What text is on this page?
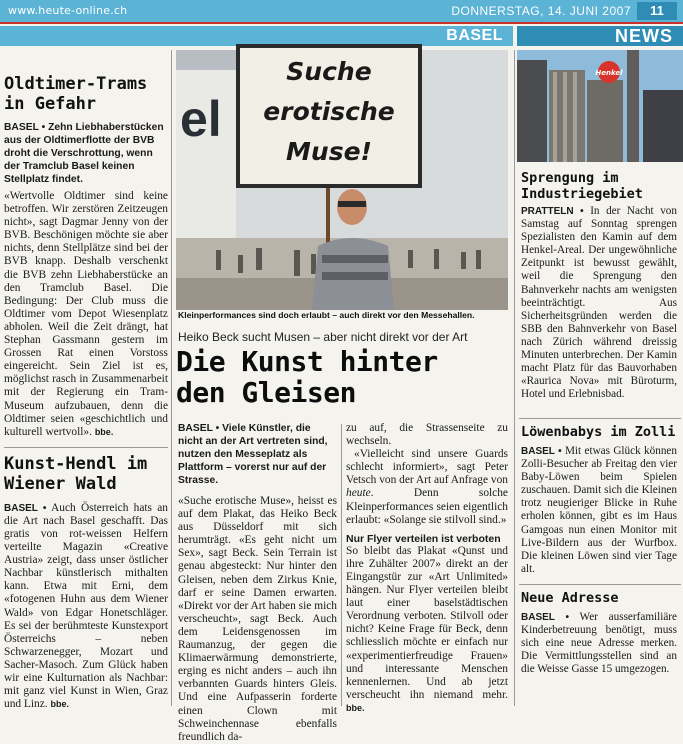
www.heute-online.ch	DONNERSTAG, 14. JUNI 2007	11
BASEL	NEWS
Oldtimer-Trams in Gefahr
BASEL • Zehn Liebhaberstücken aus der Oldtimerflotte der BVB droht die Verschrottung, wenn der Tramclub Basel keinen Stellplatz findet.
«Wertvolle Oldtimer sind keine betroffen. Wir zerstören Zeitzeugen nicht», sagt Dagmar Jenny von der BVB. Beschönigen möchte sie aber nichts, denn Stellplätze sind bei der BVB knapp. Deshalb verschenkt die BVB zehn Liebhaberstücke an den Tramclub Basel. Die Bedingung: Der Club muss die Oldtimer vom Depot Wiesenplatz abholen. Weil die Zeit drängt, hat Stephan Gassmann gestern im Grossen Rat einen Vorstoss eingereicht. Sein Ziel ist es, möglichst rasch in Zusammenarbeit mit der Regierung ein Tram-Museum aufzubauen, denn die Oldtimer seien «geschichtlich und kulturell wertvoll». bbe.
Kunst-Hendl im Wiener Wald
BASEL • Auch Österreich hats an die Art nach Basel geschafft. Das gratis von rot-weissen Helfern verteilte Magazin «Creative Austria» zeigt, dass unser östlicher Nachbar künstlerisch mithalten kann. Etwa mit Erni, dem «fotogenen Huhn aus dem Wiener Wald» von Edgar Honetschläger. Es sei der berühmteste Kunstexport Österreichs – neben Schwarzenegger, Mozart und Sacher-Masoch. Zum Glück haben wir eine Kulturnation als Nachbar: mit ganz viel Kunst in Wien, Graz und Linz. bbe.
el
Suche
erotische
Muse!
Kleinperformances sind doch erlaubt – auch direkt vor den Messehallen.
Heiko Beck sucht Musen – aber nicht direkt vor der Art
Die Kunst hinter
den Gleisen
BASEL • Viele Künstler, die nicht an der Art vertreten sind, nutzen den Messeplatz als Plattform – vorerst nur auf der Strasse.
«Suche erotische Muse», heisst es auf dem Plakat, das Heiko Beck aus Düsseldorf mit sich herumträgt. «Es geht nicht um Sex», sagt Beck. Sein Terrain ist genau abgesteckt: Nur hinter den Gleisen, neben dem Zirkus Knie, darf er seine Damen erwarten. «Direkt vor der Art haben sie mich verscheucht», sagt Beck. Auch dem Leidensgenossen im Raumanzug, der gegen die Klimaerwärmung demonstrierte, erging es nicht anders – auch ihn verbannten Guards hinters Gleis. Und eine Aufpasserin forderte einen Clown mit Schweinchennase ebenfalls freundlich da-
zu auf, die Strassenseite zu wechseln.
«Vielleicht sind unsere Guards schlecht informiert», sagt Peter Vetsch von der Art auf Anfrage von heute. Denn solche Kleinperformances seien eigentlich erlaubt: «Solange sie stilvoll sind.»
Nur Flyer verteilen ist verboten
So bleibt das Plakat «Qunst und ihre Zuhälter 2007» direkt an der Eingangstür zur «Art Unlimited» hängen. Nur Flyer verteilen bleibt laut einer baselstädtischen Verordnung verboten. Stilvoll oder nicht? Keine Frage für Beck, denn schliesslich möchte er einfach nur «experimentierfreudige Frauen» und interessante Menschen kennenlernen. Und ab jetzt verscheucht ihn niemand mehr. bbe.
Henkel
Sprengung im Industriegebiet
PRATTELN • In der Nacht von Samstag auf Sonntag sprengen Spezialisten den Kamin auf dem Henkel-Areal. Der ungewöhnliche Zeitpunkt ist bewusst gewählt, weil die Sprengung den Bahnverkehr nachts am wenigsten beeinträchtigt. Aus Sicherheitsgründen werden die SBB den Bahnverkehr von Basel nach Zürich während dreissig Minuten unterbrechen. Der Kamin macht Platz für das Bauvorhaben «Raurica Nova» mit Büroturm, Hotel und Erlebnisbad.
Löwenbabys im Zolli
BASEL • Mit etwas Glück können Zolli-Besucher ab Freitag den vier Baby-Löwen beim Spielen zuschauen. Damit sich die Kleinen trotz neugieriger Blicke in Ruhe erholen können, gibt es im Haus Gamgoas nun einen Monitor mit Live-Bildern aus der Wurfbox. Die kleinen Löwen sind vier Tage alt.
Neue Adresse
BASEL • Wer ausserfamiliäre Kinderbetreuung benötigt, muss sich eine neue Adresse merken. Die Vermittlungsstellen sind an die Weisse Gasse 15 umgezogen.
